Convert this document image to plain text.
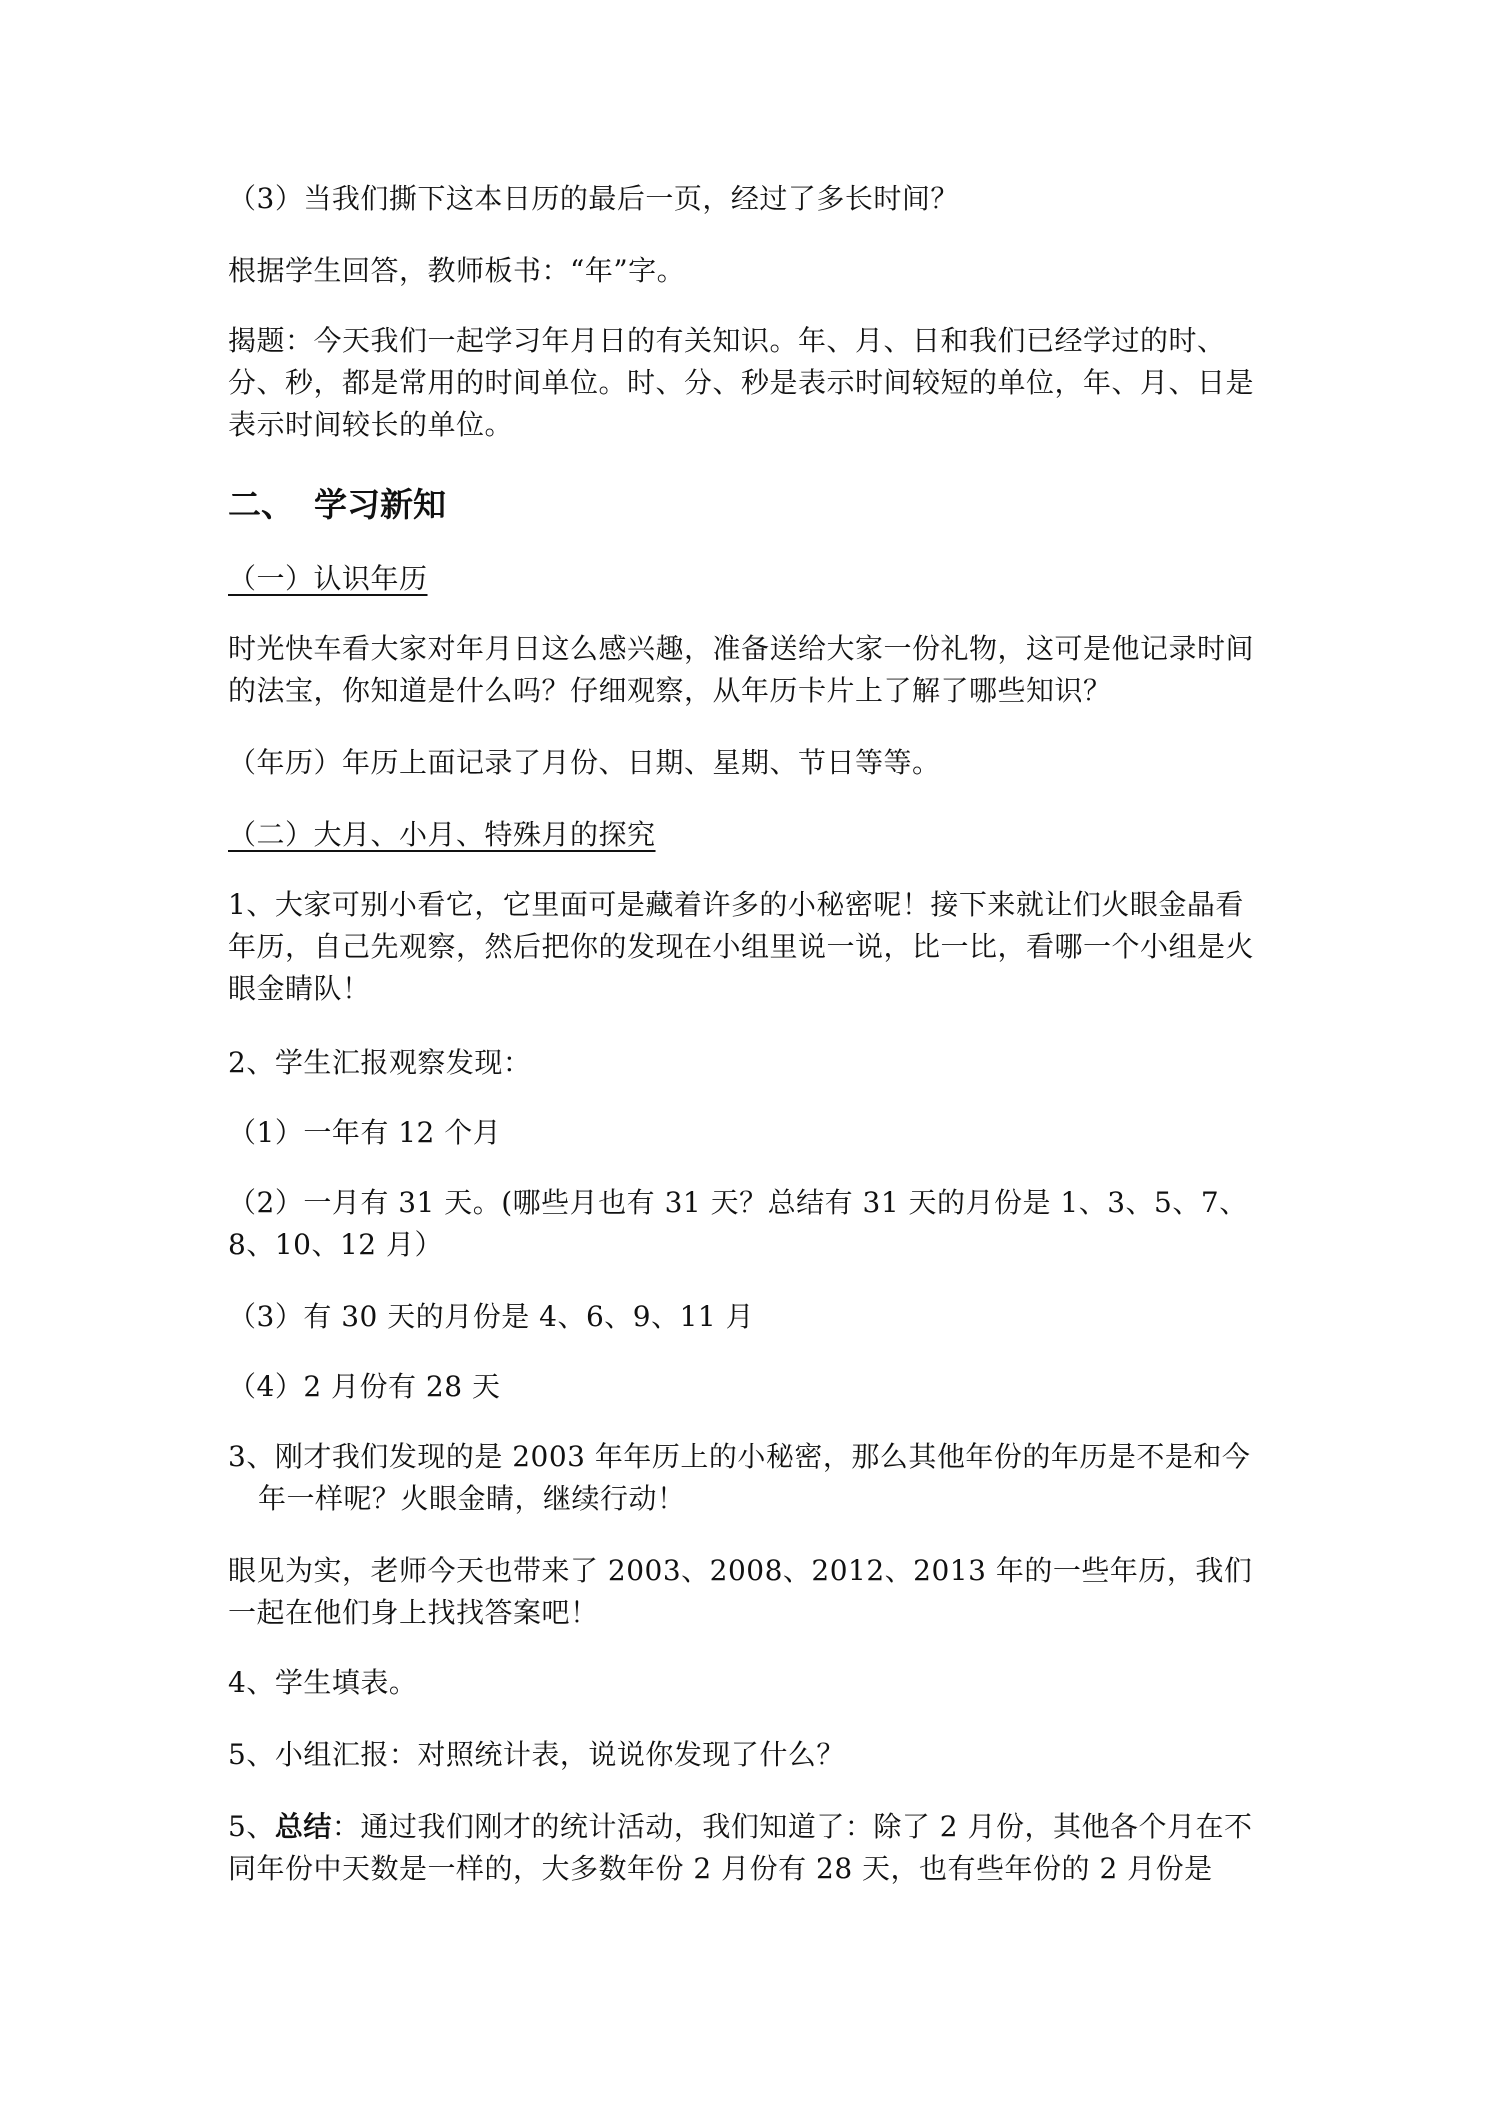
（3）当我们撕下这本日历的最后一页，经过了多长时间？
根据学生回答，教师板书：“年”字。
揭题：今天我们一起学习年月日的有关知识。年、月、日和我们已经学过的时、分、秒，都是常用的时间单位。时、分、秒是表示时间较短的单位，年、月、日是表示时间较长的单位。
二、 学习新知
（一）认识年历
时光快车看大家对年月日这么感兴趣，准备送给大家一份礼物，这可是他记录时间的法宝，你知道是什么吗？仔细观察，从年历卡片上了解了哪些知识？
（年历）年历上面记录了月份、日期、星期、节日等等。
（二）大月、小月、特殊月的探究
1、大家可别小看它，它里面可是藏着许多的小秘密呢！接下来就让们火眼金晶看年历，自己先观察，然后把你的发现在小组里说一说，比一比，看哪一个小组是火眼金睛队！
2、学生汇报观察发现：
（1）一年有 12 个月
（2）一月有 31 天。(哪些月也有 31 天？总结有 31 天的月份是 1、3、5、7、8、10、12 月）
（3）有 30 天的月份是 4、6、9、11 月
（4）2 月份有 28 天
3、刚才我们发现的是 2003 年年历上的小秘密，那么其他年份的年历是不是和今年一样呢？火眼金睛，继续行动！
眼见为实，老师今天也带来了 2003、2008、2012、2013 年的一些年历，我们一起在他们身上找找答案吧！
4、学生填表。
5、小组汇报：对照统计表，说说你发现了什么？
5、总结：通过我们刚才的统计活动，我们知道了：除了 2 月份，其他各个月在不同年份中天数是一样的，大多数年份 2 月份有 28 天，也有些年份的 2 月份是
